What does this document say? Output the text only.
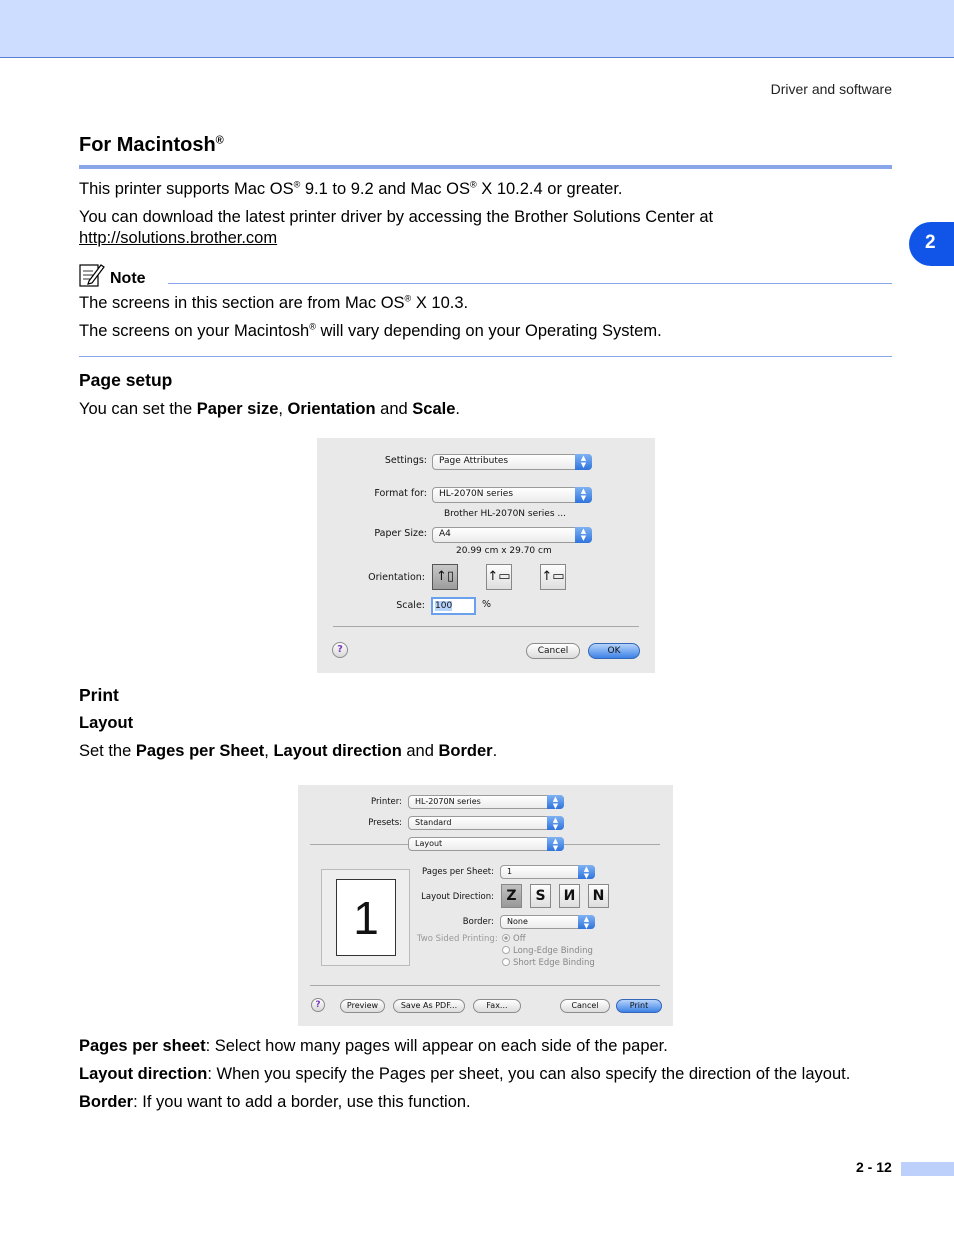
Driver and software
2
For Macintosh®

This printer supports Mac OS® 9.1 to 9.2 and Mac OS® X 10.2.4 or greater.

You can download the latest printer driver by accessing the Brother Solutions Center at
http://solutions.brother.com

Note

The screens in this section are from Mac OS® X 10.3.

The screens on your Macintosh® will vary depending on your Operating System.

Page setup

You can set the Paper size, Orientation and Scale.

Settings:	Page Attributes	▲
▼
Format for:	HL-2070N series	▲
▼
Brother HL-2070N series ...
Paper Size:	A4	▲
▼
20.99 cm x 29.70 cm
Orientation: ↑▯	↑▭ ↑▭
Scale:	100	%
?	Cancel	OK
Print
Layout

Set the Pages per Sheet, Layout direction and Border.

Printer:	HL-2070N series	▲
▼
Presets:	Standard	▲
▼
Layout	▲
▼
1
Pages per Sheet:	1	▲
▼
Layout Direction: Z	S	И	N
Border:	None	▲
▼
Two Sided Printing:	Off
Long-Edge Binding
Short Edge Binding
?	Preview	Save As PDF...	Fax...	Cancel	Print

Pages per sheet: Select how many pages will appear on each side of the paper.

Layout direction: When you specify the Pages per sheet, you can also specify the direction of the layout.

Border: If you want to add a border, use this function.

2 - 12
